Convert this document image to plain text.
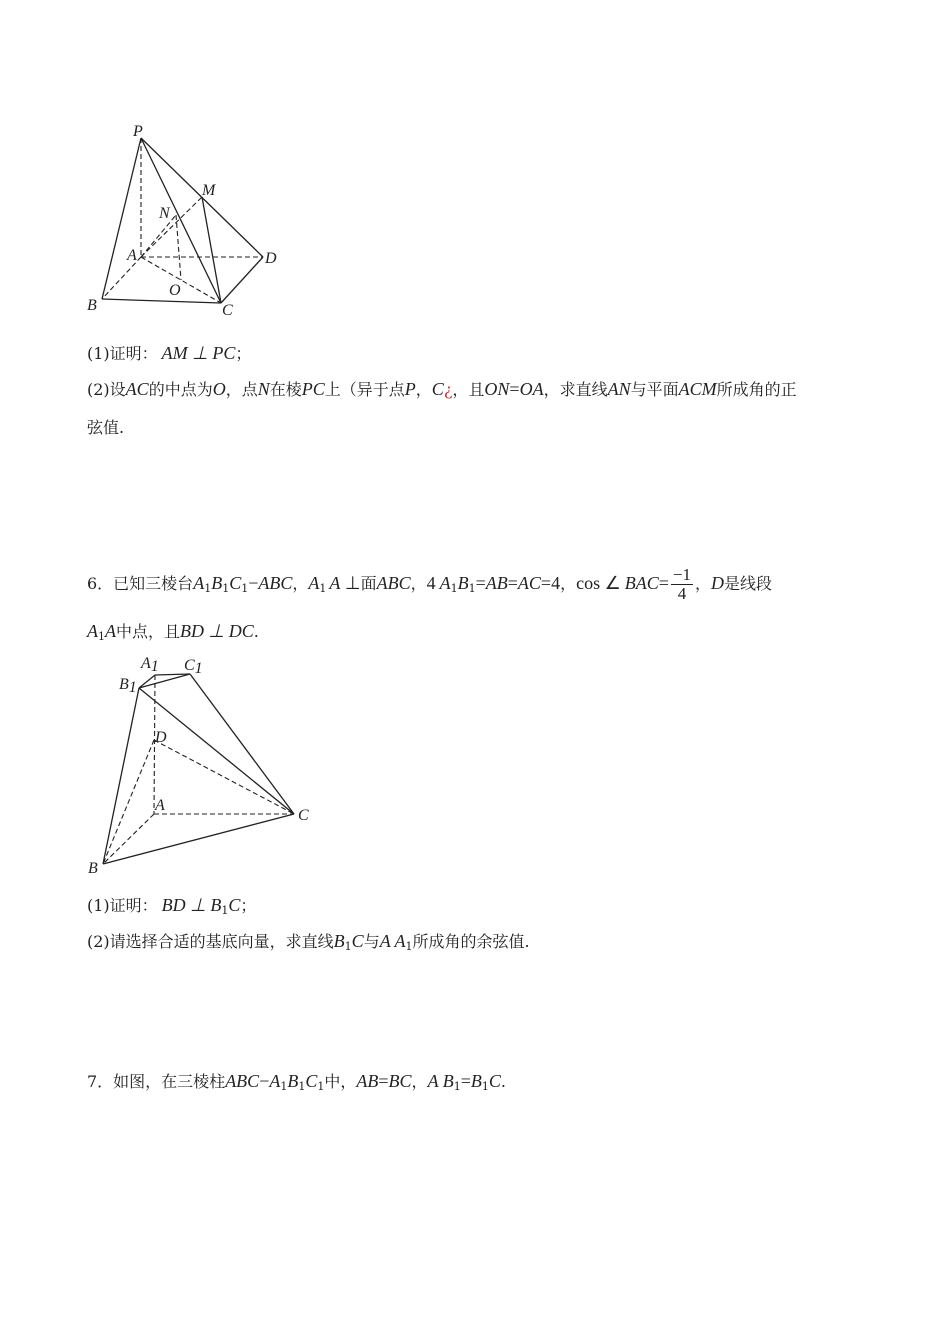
P
M
N
A	D
O
B	C
(1)证明： AM ⊥ PC；
(2)设AC的中点为O，点N在棱PC上（异于点P，C¿，且ON=OA，求直线AN与平面ACM所成角的正
弦值.
6．已知三棱台$A_1B_1C_1-ABC$，$A_1$ A ⊥面ABC，4 $A_1B_1=AB=AC=4$，cos ∠ $BAC= \frac{-1}{4}$ ，D是线段
$A_1A$中点，且BD ⊥ DC.
A1 C1
B1
D
A
C
B
(1)证明： BD ⊥ $B_1C$；
(2)请选择合适的基底向量，求直线$B_1C$与A $A_1$所成角的余弦值.
7．如图，在三棱柱$ABC-A_1B_1C_1$中，AB=BC，A $B_1=B_1C$.
